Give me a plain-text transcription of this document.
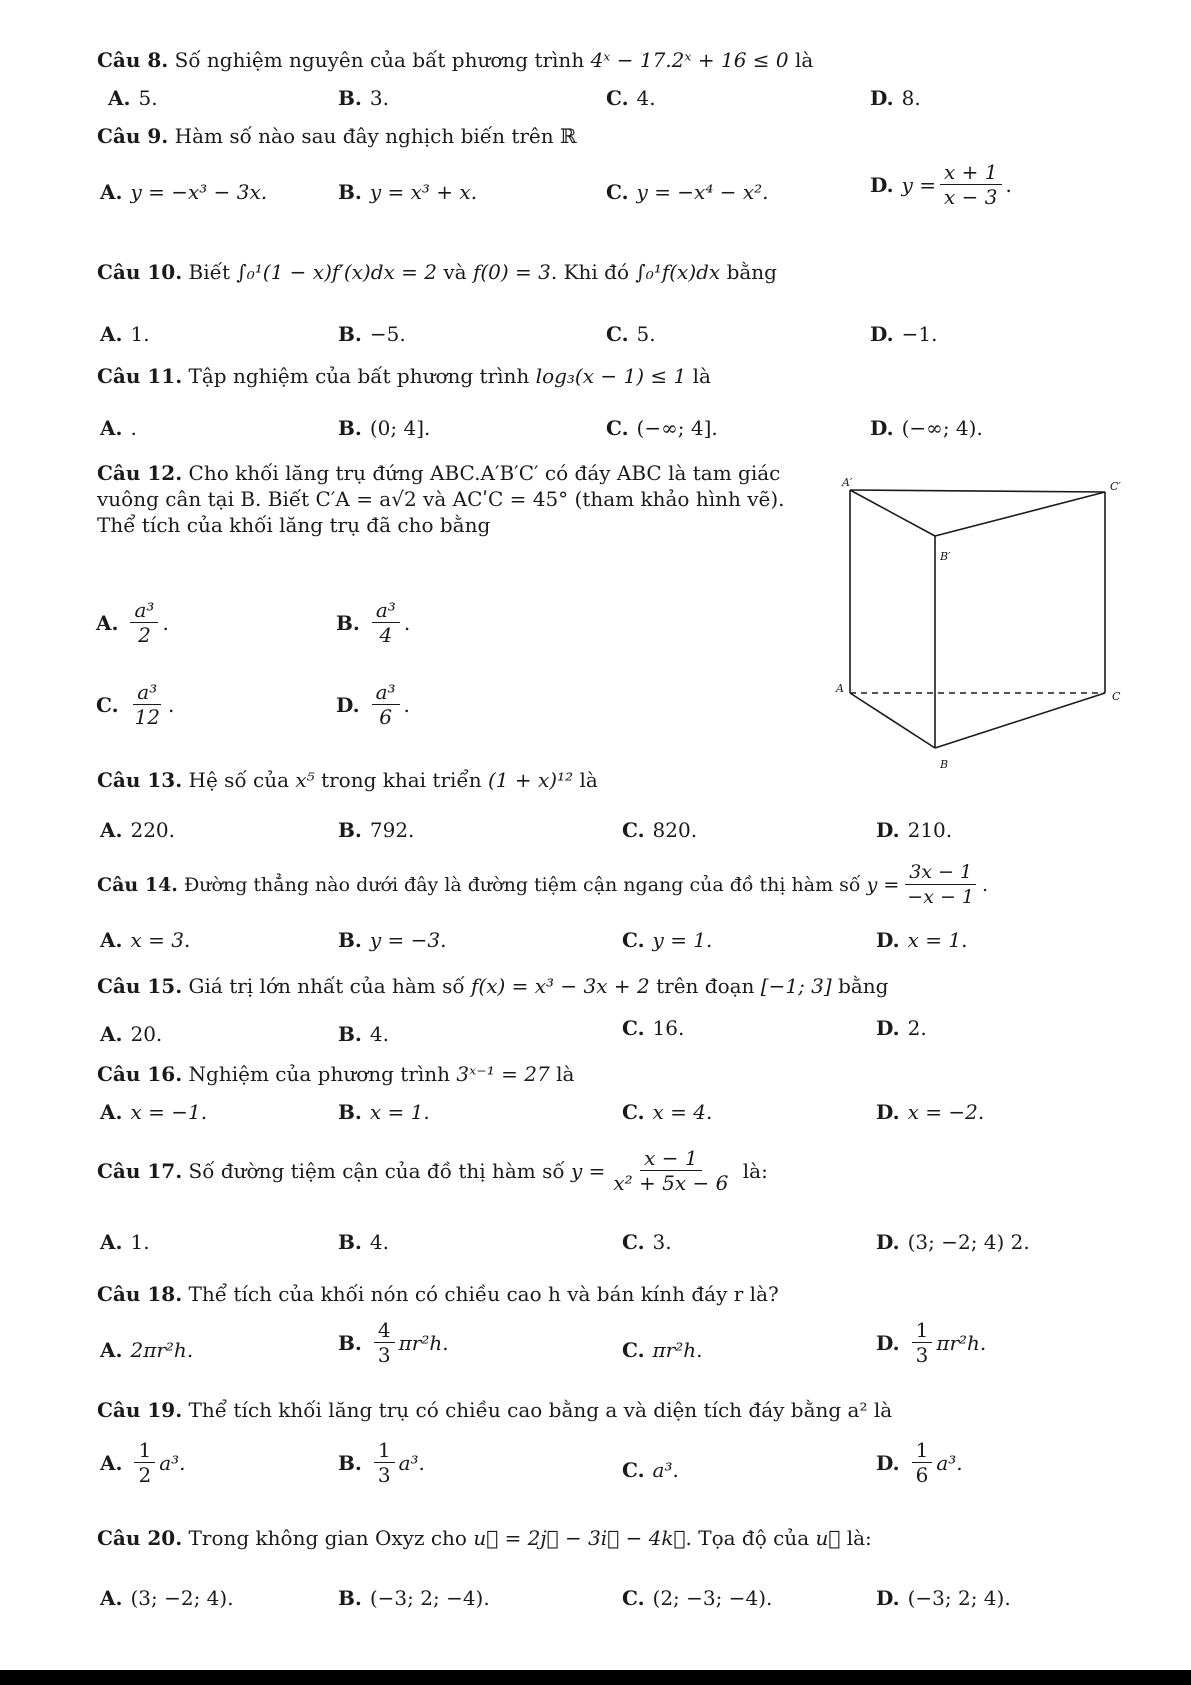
Câu 8. Số nghiệm nguyên của bất phương trình 4ˣ − 17.2ˣ + 16 ≤ 0 là
A. 5.	B. 3.	C. 4.	D. 8.
Câu 9. Hàm số nào sau đây nghịch biến trên ℝ
A. y = −x³ − 3x.	B. y = x³ + x.	C. y = −x⁴ − x².	D. $y = \frac{x + 1}{x - 3}$ .
Câu 10. Biết ∫₀¹(1 − x)f′(x)dx = 2 và f(0) = 3. Khi đó ∫₀¹f(x)dx bằng
A. 1.	B. −5.	C. 5.	D. −1.
Câu 11. Tập nghiệm của bất phương trình log₃(x − 1) ≤ 1 là
A. .	B. (0; 4].	C. (−∞; 4].	D. (−∞; 4).
Câu 12. Cho khối lăng trụ đứng ABC.A′B′C′ có đáy ABC là tam giác
vuông cân tại B. Biết C′A = a√2 và ACʹC = 45° (tham khảo hình vẽ).
Thể tích của khối lăng trụ đã cho bằng
A. $\frac{\text{a³}}{2}$ .	B. $\frac{\text{a³}}{4}$ .
C. $\frac{\text{a³}}{12}$ .	D. $\frac{\text{a³}}{6}$ .
A′	C′
B′
A
C
B
Câu 13. Hệ số của x⁵ trong khai triển (1 + x)¹² là
A. 220.	B. 792.	C. 820.	D. 210.
Câu 14.
Đường thẳng nào dưới đây là đường tiệm cận ngang của đồ thị hàm số
$y = \frac{3x - 1}{-x - 1}$ .
A. x = 3.	B. y = −3.	C. y = 1.	D. x = 1.
Câu 15. Giá trị lớn nhất của hàm số f(x) = x³ − 3x + 2 trên đoạn [−1; 3] bằng
A. 20.	B. 4.	C. 16.	D. 2.
Câu 16. Nghiệm của phương trình 3ˣ⁻¹ = 27 là
A. x = −1.	B. x = 1.	C. x = 4.	D. x = −2.
Câu 17.
Số đường tiệm cận của đồ thị hàm số
$y = \frac{x - 1}{\text{x² + 5x − 6}}$
là:
A. 1.	B. 4.	C. 3.	D. (3; −2; 4) 2.
Câu 18. Thể tích của khối nón có chiều cao h và bán kính đáy r là?
A. 2πr²h.	B. $\frac{4}{3} \pi r^2h$.	C. πr²h.	D. $\frac{1}{3} \pi r^2h$.
Câu 19. Thể tích khối lăng trụ có chiều cao bằng a và diện tích đáy bằng a² là
A. $\frac{1}{2} a^3$.	B. $\frac{1}{3} a^3$.	C. a³.	D. $\frac{1}{6} a^3$.
Câu 20. Trong không gian Oxyz cho u⃗ = 2j⃗ − 3i⃗ − 4k⃗. Tọa độ của u⃗ là:
A. (3; −2; 4).	B. (−3; 2; −4).	C. (2; −3; −4).	D. (−3; 2; 4).
